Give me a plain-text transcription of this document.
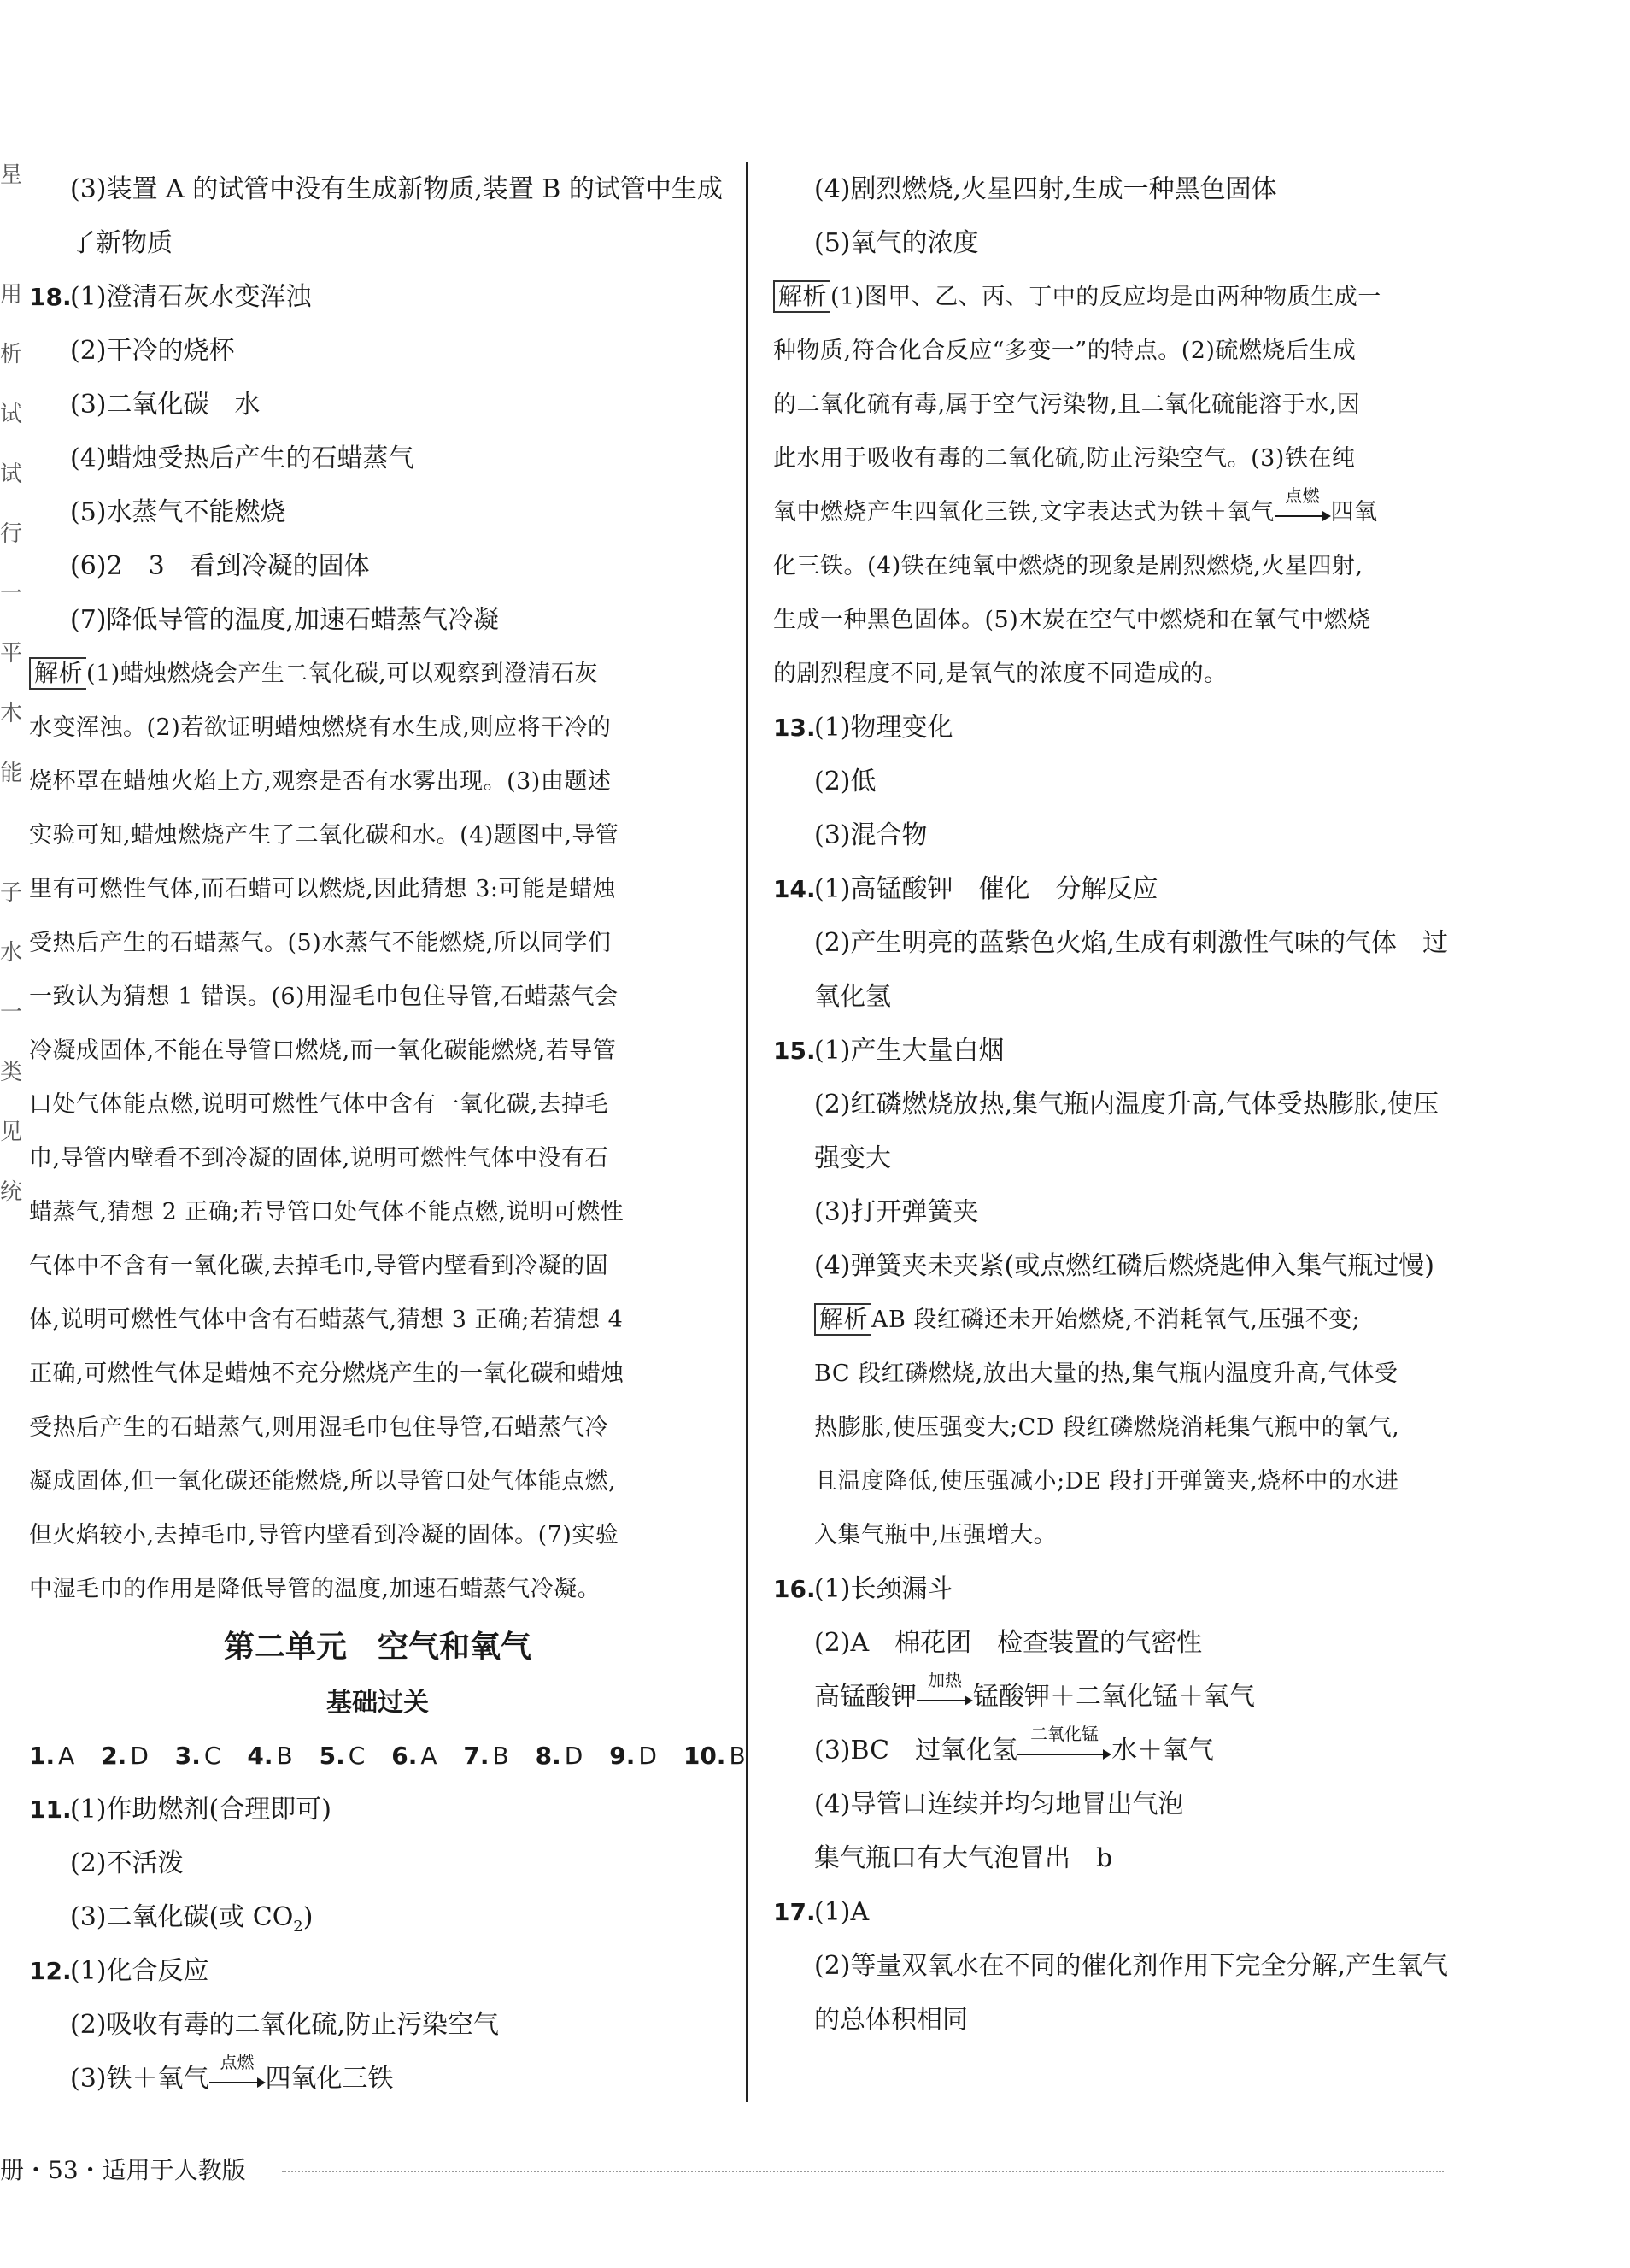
星

用
析
试
试
行
一
平
木
能

子
水
一
类
见
统
(3)装置 A 的试管中没有生成新物质,装置 B 的试管中生成
了新物质
18.(1)澄清石灰水变浑浊
(2)干冷的烧杯
(3)二氧化碳　水
(4)蜡烛受热后产生的石蜡蒸气
(5)水蒸气不能燃烧
(6)2　3　看到冷凝的固体
(7)降低导管的温度,加速石蜡蒸气冷凝
解析 (1)蜡烛燃烧会产生二氧化碳,可以观察到澄清石灰
水变浑浊。(2)若欲证明蜡烛燃烧有水生成,则应将干冷的
烧杯罩在蜡烛火焰上方,观察是否有水雾出现。(3)由题述
实验可知,蜡烛燃烧产生了二氧化碳和水。(4)题图中,导管
里有可燃性气体,而石蜡可以燃烧,因此猜想 3:可能是蜡烛
受热后产生的石蜡蒸气。(5)水蒸气不能燃烧,所以同学们
一致认为猜想 1 错误。(6)用湿毛巾包住导管,石蜡蒸气会
冷凝成固体,不能在导管口燃烧,而一氧化碳能燃烧,若导管
口处气体能点燃,说明可燃性气体中含有一氧化碳,去掉毛
巾,导管内壁看不到冷凝的固体,说明可燃性气体中没有石
蜡蒸气,猜想 2 正确;若导管口处气体不能点燃,说明可燃性
气体中不含有一氧化碳,去掉毛巾,导管内壁看到冷凝的固
体,说明可燃性气体中含有石蜡蒸气,猜想 3 正确;若猜想 4
正确,可燃性气体是蜡烛不充分燃烧产生的一氧化碳和蜡烛
受热后产生的石蜡蒸气,则用湿毛巾包住导管,石蜡蒸气冷
凝成固体,但一氧化碳还能燃烧,所以导管口处气体能点燃,
但火焰较小,去掉毛巾,导管内壁看到冷凝的固体。(7)实验
中湿毛巾的作用是降低导管的温度,加速石蜡蒸气冷凝。
第二单元　空气和氧气
基础过关
1. A 2. D 3. C 4. B 5. C 6. A 7. B 8. D 9. D 10. B
11.(1)作助燃剂(合理即可)
(2)不活泼
(3)二氧化碳(或 $CO_2$)
12.(1)化合反应
(2)吸收有毒的二氧化硫,防止污染空气
(3)铁＋氧气
点燃
四氧化三铁
(4)剧烈燃烧,火星四射,生成一种黑色固体
(5)氧气的浓度
解析 (1)图甲、乙、丙、丁中的反应均是由两种物质生成一
种物质,符合化合反应“多变一”的特点。(2)硫燃烧后生成
的二氧化硫有毒,属于空气污染物,且二氧化硫能溶于水,因
此水用于吸收有毒的二氧化硫,防止污染空气。(3)铁在纯
氧中燃烧产生四氧化三铁,文字表达式为铁＋氧气
点燃
四氧
化三铁。(4)铁在纯氧中燃烧的现象是剧烈燃烧,火星四射,
生成一种黑色固体。(5)木炭在空气中燃烧和在氧气中燃烧
的剧烈程度不同,是氧气的浓度不同造成的。
13.(1)物理变化
(2)低
(3)混合物
14.(1)高锰酸钾　催化　分解反应
(2)产生明亮的蓝紫色火焰,生成有刺激性气味的气体　过
氧化氢
15.(1)产生大量白烟
(2)红磷燃烧放热,集气瓶内温度升高,气体受热膨胀,使压
强变大
(3)打开弹簧夹
(4)弹簧夹未夹紧(或点燃红磷后燃烧匙伸入集气瓶过慢)
解析 AB 段红磷还未开始燃烧,不消耗氧气,压强不变;
BC 段红磷燃烧,放出大量的热,集气瓶内温度升高,气体受
热膨胀,使压强变大;CD 段红磷燃烧消耗集气瓶中的氧气,
且温度降低,使压强减小;DE 段打开弹簧夹,烧杯中的水进
入集气瓶中,压强增大。
16.(1)长颈漏斗
(2)A　棉花团　检查装置的气密性
高锰酸钾
加热
锰酸钾＋二氧化锰＋氧气
(3)BC　过氧化氢
二氧化锰
水＋氧气
(4)导管口连续并均匀地冒出气泡
集气瓶口有大气泡冒出　b
17.(1)A
(2)等量双氧水在不同的催化剂作用下完全分解,产生氧气
的总体积相同
册・53・适用于人教版
